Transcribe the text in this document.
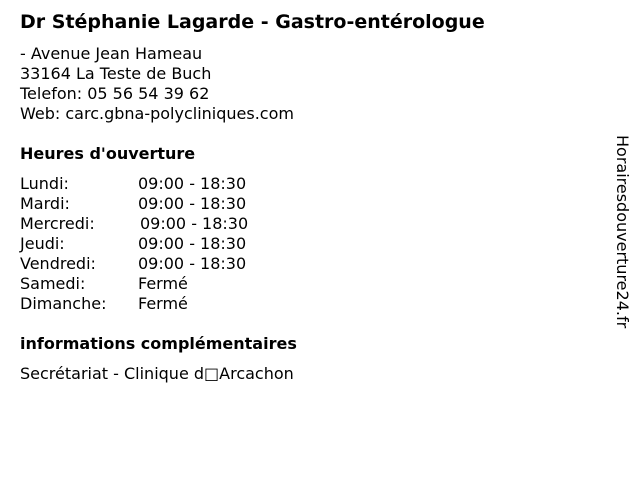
Dr Stéphanie Lagarde - Gastro-entérologue
- Avenue Jean Hameau
33164 La Teste de Buch
Telefon: 05 56 54 39 62
Web: carc.gbna-polycliniques.com
Heures d'ouverture
Lundi:	09:00 - 18:30
Mardi:	09:00 - 18:30
Mercredi:	09:00 - 18:30
Jeudi:	09:00 - 18:30
Vendredi:	09:00 - 18:30
Samedi:	Fermé
Dimanche: Fermé
informations complémentaires
Secrétariat - Clinique d□Arcachon
Horairesdouverture24.fr
